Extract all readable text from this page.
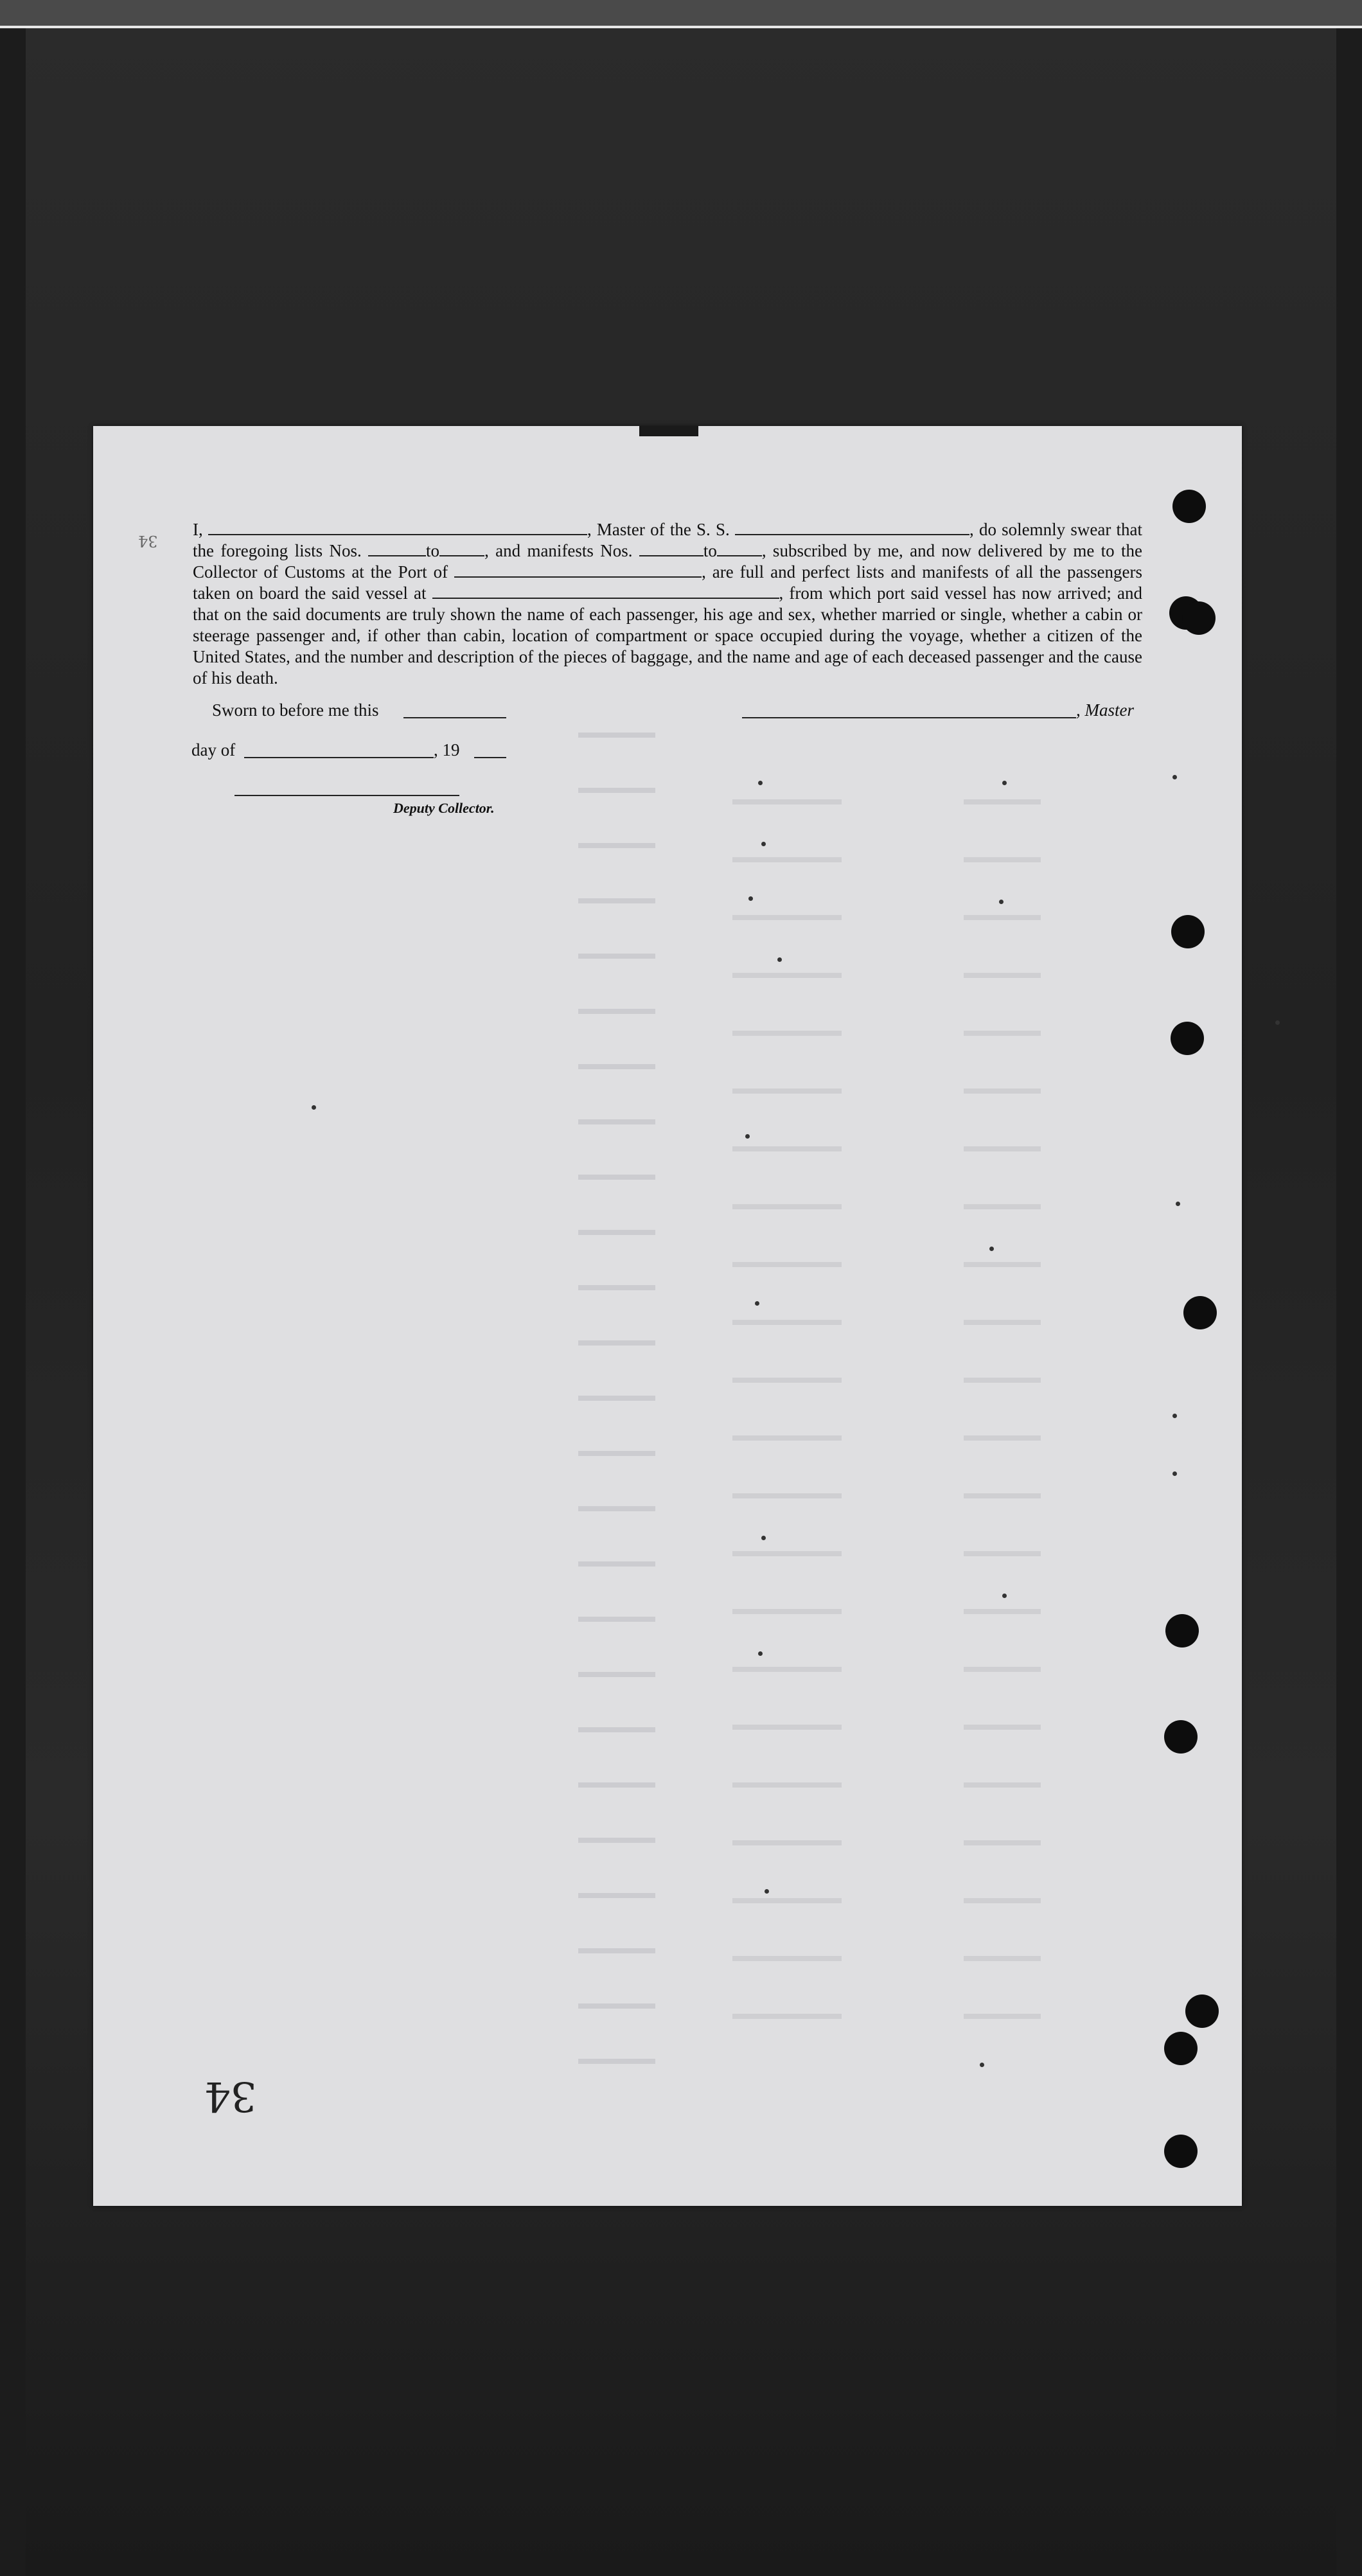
I,	, Master of the S. S.	, do solemnly swear that the foregoing lists Nos.	to	, and manifests Nos.	to	, subscribed by me, and now delivered by me to the Collector of Customs at the Port of	, are full and perfect lists and manifests of all the passengers taken on board the said vessel at	, from which port said vessel has now arrived; and that on the said documents are truly shown the name of each passenger, his age and sex, whether married or single, whether a cabin or steerage passenger and, if other than cabin, location of compartment or space occupied during the voyage, whether a citizen of the United States, and the number and description of the pieces of baggage, and the name and age of each deceased passenger and the cause of his death.
Sworn to before me this	, Master
day of	, 19
Deputy Collector.
34
34
